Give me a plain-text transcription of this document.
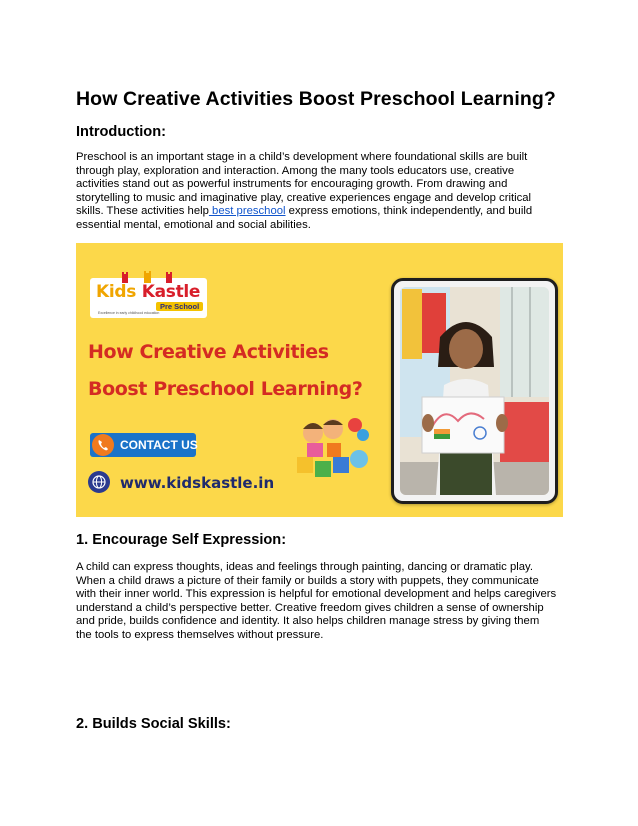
How Creative Activities Boost Preschool Learning?
Introduction:

Preschool is an important stage in a child’s development where foundational skills are built
through play, exploration and interaction. Among the many tools educators use, creative
activities stand out as powerful instruments for encouraging growth. From drawing and
storytelling to music and imaginative play, creative experiences engage and develop critical
skills. These activities help best preschool express emotions, think independently, and build
essential mental, emotional and social abilities.

Kids Kastle
Pre School
Excellence in early childhood education
How Creative Activities
Boost Preschool Learning?
CONTACT US
www.kidskastle.in
1. Encourage Self Expression:

A child can express thoughts, ideas and feelings through painting, dancing or dramatic play.
When a child draws a picture of their family or builds a story with puppets, they communicate
with their inner world. This expression is helpful for emotional development and helps caregivers
understand a child’s perspective better. Creative freedom gives children a sense of ownership
and pride, builds confidence and identity. It also helps children manage stress by giving them
the tools to express themselves without pressure.

2. Builds Social Skills:
